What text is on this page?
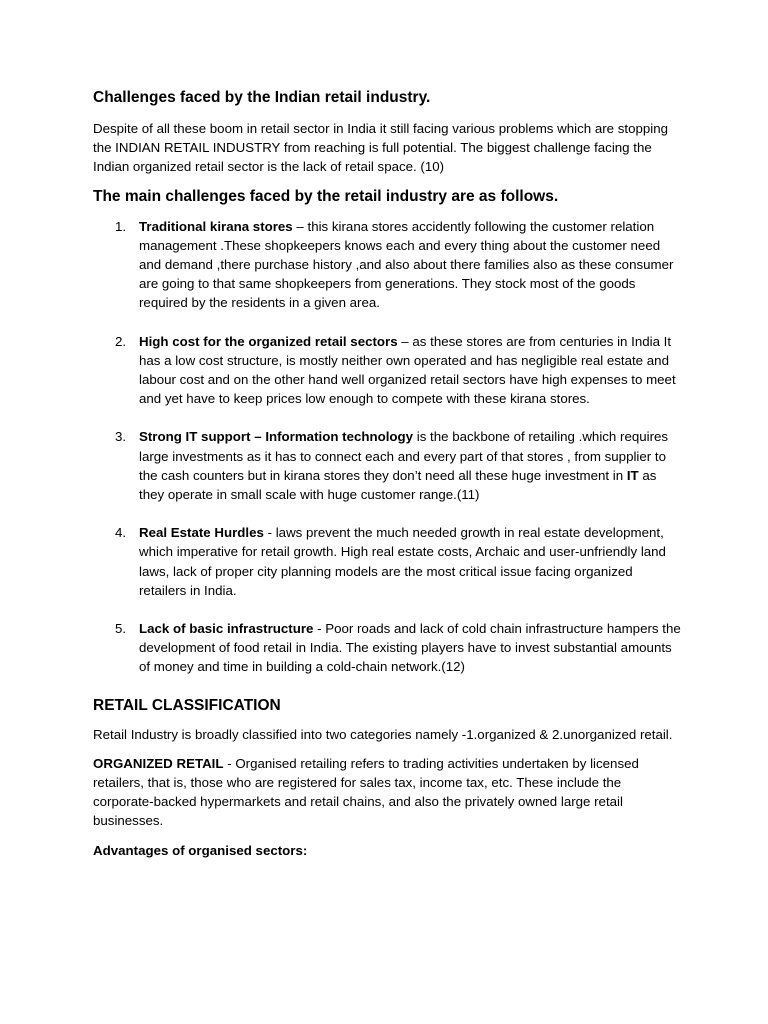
Challenges faced by the Indian retail industry.

Despite of all these boom in retail sector in India it still facing various problems which are stopping the INDIAN RETAIL INDUSTRY from reaching is full potential. The biggest challenge facing the Indian organized retail sector is the lack of retail space. (10)

The main challenges faced by the retail industry are as follows.
1. Traditional kirana stores – this kirana stores accidently following the customer relation management .These shopkeepers knows each and every thing about the customer need and demand ,there purchase history ,and also about there families also as these consumer are going to that same shopkeepers from generations. They stock most of the goods required by the residents in a given area.
2. High cost for the organized retail sectors – as these stores are from centuries in India It has a low cost structure, is mostly neither own operated and has negligible real estate and labour cost and on the other hand well organized retail sectors have high expenses to meet and yet have to keep prices low enough to compete with these kirana stores.
3. Strong IT support – Information technology is the backbone of retailing .which requires large investments as it has to connect each and every part of that stores , from supplier to the cash counters but in kirana stores they don’t need all these huge investment in IT as they operate in small scale with huge customer range.(11)
4. Real Estate Hurdles - laws prevent the much needed growth in real estate development, which imperative for retail growth. High real estate costs, Archaic and user-unfriendly land laws, lack of proper city planning models are the most critical issue facing organized retailers in India.
5. Lack of basic infrastructure - Poor roads and lack of cold chain infrastructure hampers the development of food retail in India. The existing players have to invest substantial amounts of money and time in building a cold-chain network.(12)
RETAIL CLASSIFICATION

Retail Industry is broadly classified into two categories namely -1.organized & 2.unorganized retail.

ORGANIZED RETAIL - Organised retailing refers to trading activities undertaken by licensed retailers, that is, those who are registered for sales tax, income tax, etc. These include the corporate-backed hypermarkets and retail chains, and also the privately owned large retail businesses.

Advantages of organised sectors:
